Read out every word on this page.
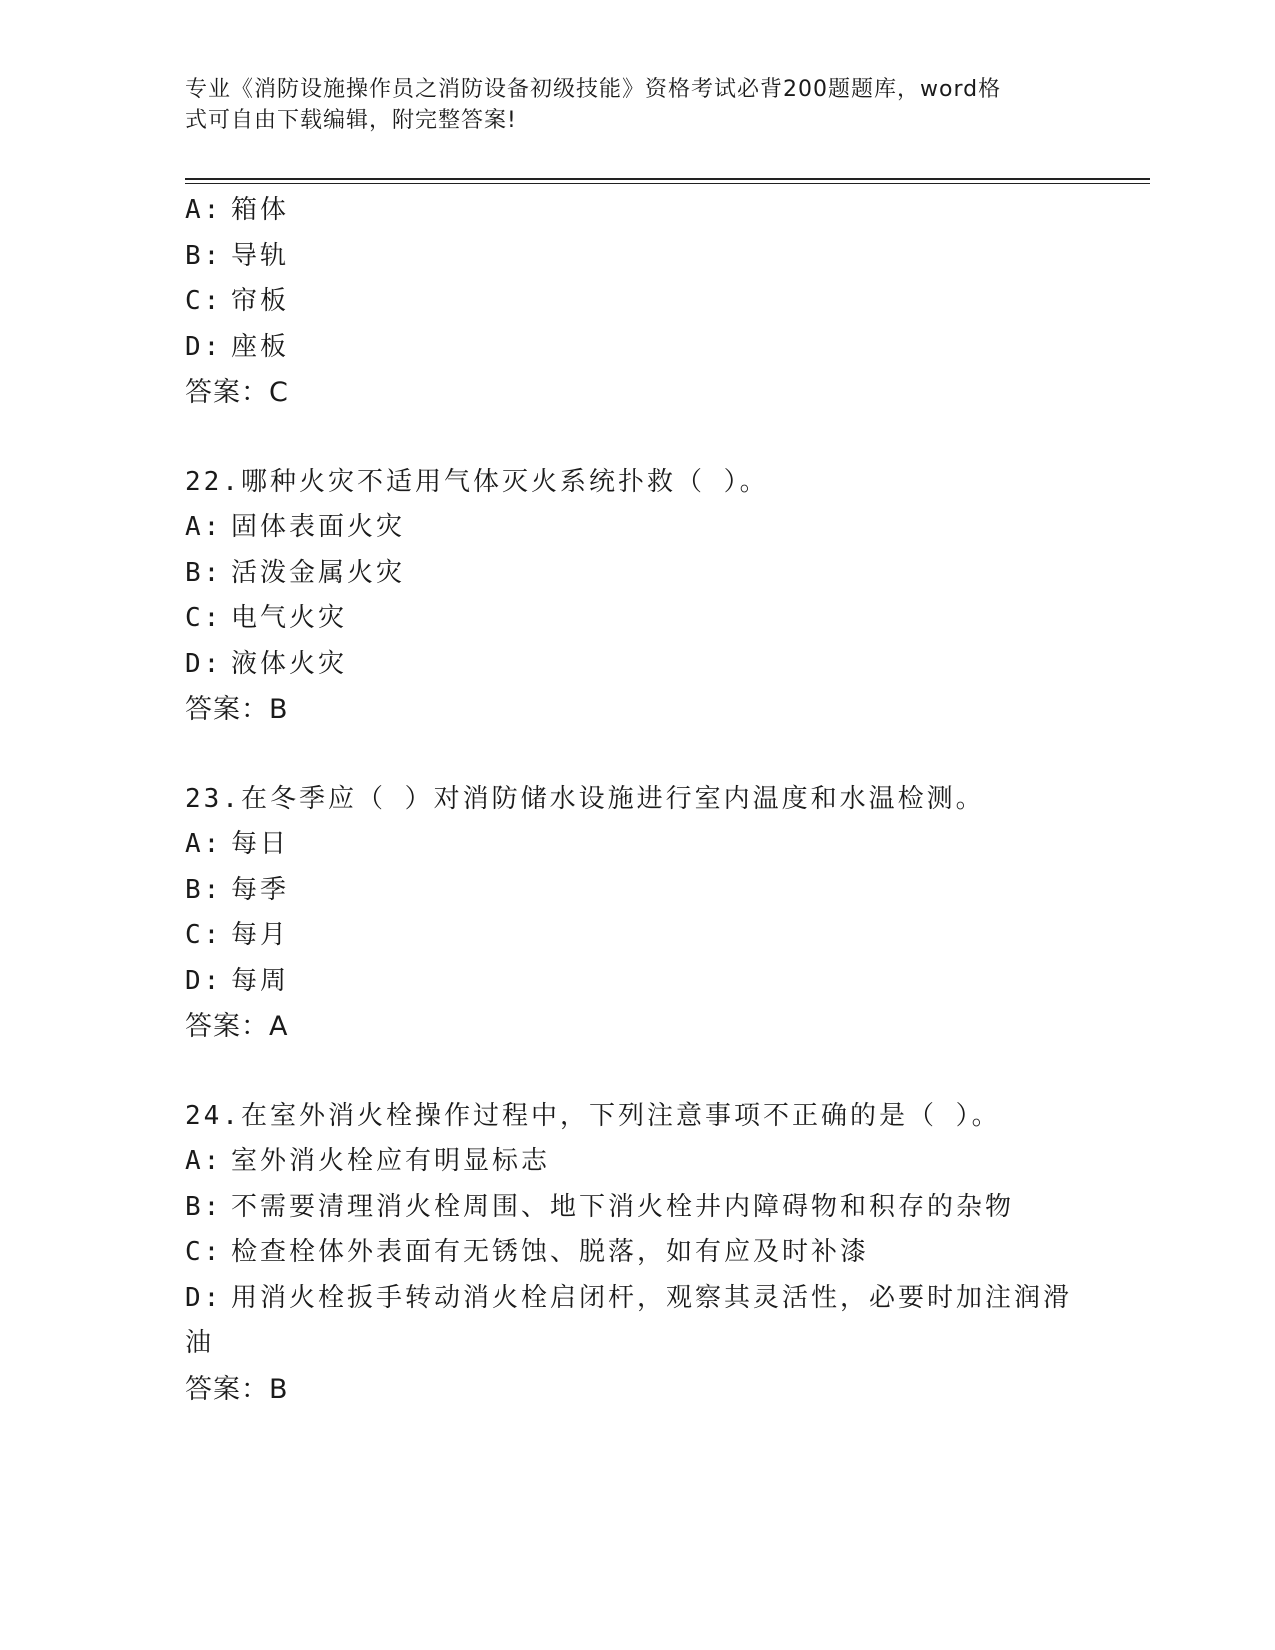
专业《消防设施操作员之消防设备初级技能》资格考试必背200题题库，word格
式可自由下载编辑，附完整答案!
A: 箱体
B: 导轨
C: 帘板
D: 座板
答案：C
22.哪种火灾不适用气体灭火系统扑救（ ）。
A: 固体表面火灾
B: 活泼金属火灾
C: 电气火灾
D: 液体火灾
答案：B
23.在冬季应（ ）对消防储水设施进行室内温度和水温检测。
A: 每日
B: 每季
C: 每月
D: 每周
答案：A
24.在室外消火栓操作过程中，下列注意事项不正确的是（ ）。
A: 室外消火栓应有明显标志
B: 不需要清理消火栓周围、地下消火栓井内障碍物和积存的杂物
C: 检查栓体外表面有无锈蚀、脱落，如有应及时补漆
D: 用消火栓扳手转动消火栓启闭杆，观察其灵活性，必要时加注润滑油
答案：B
